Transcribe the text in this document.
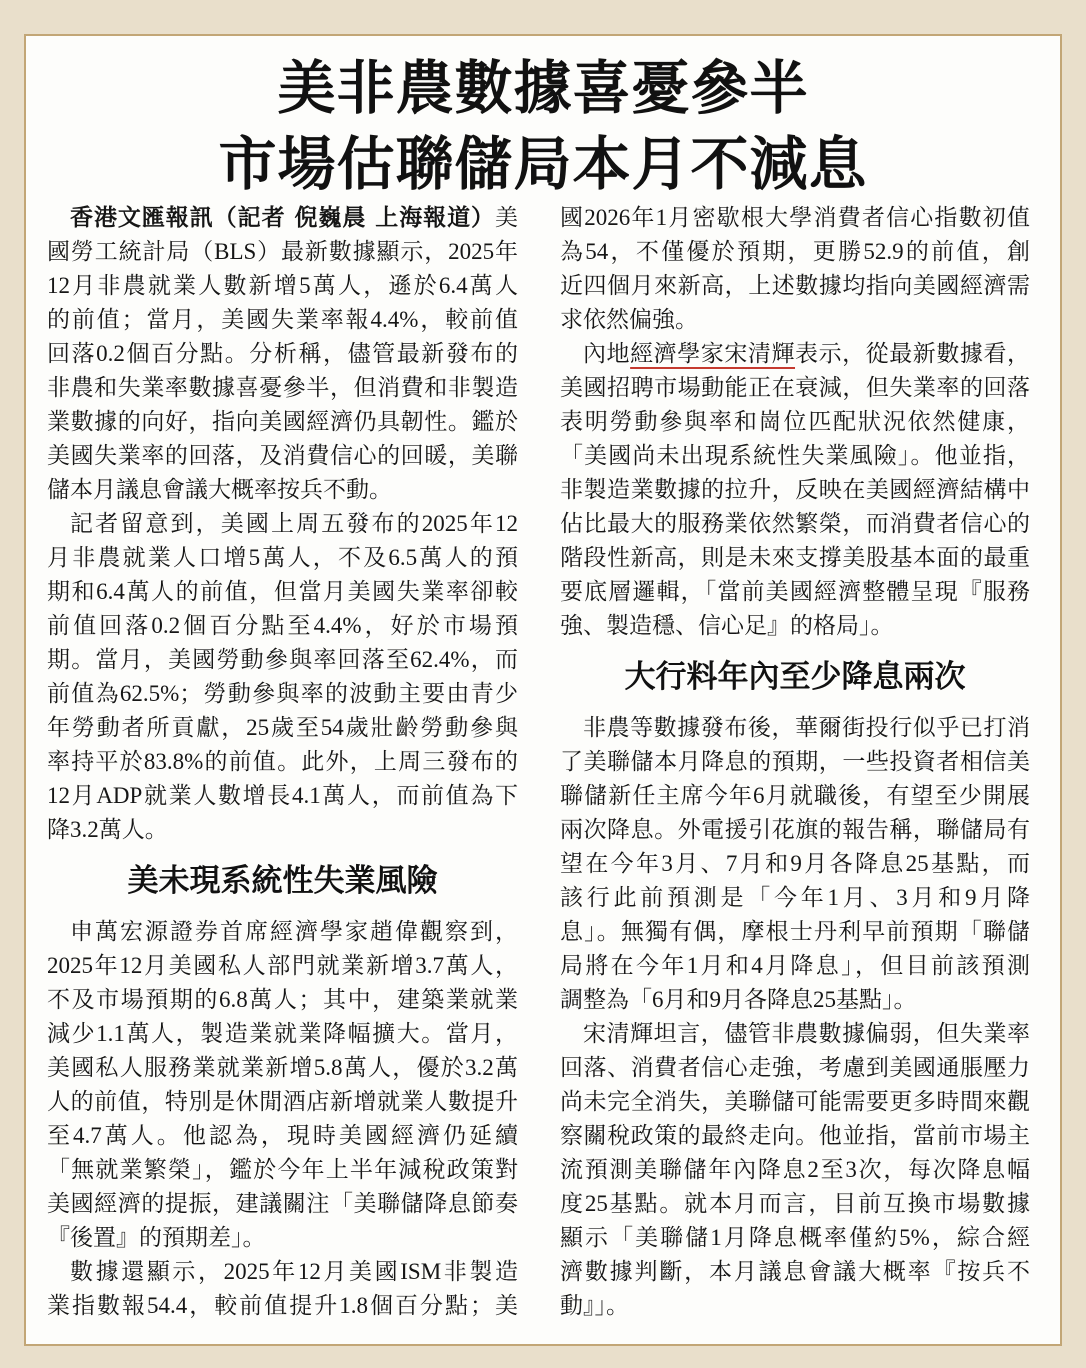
美非農數據喜憂參半
市場估聯儲局本月不減息
香港文匯報訊（記者 倪巍晨 上海報道）美
國勞工統計局（BLS）最新數據顯示，2025年
12月非農就業人數新增5萬人，遜於6.4萬人
的前值；當月，美國失業率報4.4%，較前值
回落0.2個百分點。分析稱，儘管最新發布的
非農和失業率數據喜憂參半，但消費和非製造
業數據的向好，指向美國經濟仍具韌性。鑑於
美國失業率的回落，及消費信心的回暖，美聯
儲本月議息會議大概率按兵不動。
記者留意到，美國上周五發布的2025年12
月非農就業人口增5萬人，不及6.5萬人的預
期和6.4萬人的前值，但當月美國失業率卻較
前值回落0.2個百分點至4.4%，好於市場預
期。當月，美國勞動參與率回落至62.4%，而
前值為62.5%；勞動參與率的波動主要由青少
年勞動者所貢獻，25歲至54歲壯齡勞動參與
率持平於83.8%的前值。此外，上周三發布的
12月ADP就業人數增長4.1萬人，而前值為下
降3.2萬人。
美未現系統性失業風險
申萬宏源證券首席經濟學家趙偉觀察到，
2025年12月美國私人部門就業新增3.7萬人，
不及市場預期的6.8萬人；其中，建築業就業
減少1.1萬人，製造業就業降幅擴大。當月，
美國私人服務業就業新增5.8萬人，優於3.2萬
人的前值，特別是休閒酒店新增就業人數提升
至4.7萬人。他認為，現時美國經濟仍延續
「無就業繁榮」，鑑於今年上半年減稅政策對
美國經濟的提振，建議關注「美聯儲降息節奏
『後置』的預期差」。
數據還顯示，2025年12月美國ISM非製造
業指數報54.4，較前值提升1.8個百分點；美
國2026年1月密歇根大學消費者信心指數初值
為54，不僅優於預期，更勝52.9的前值，創
近四個月來新高，上述數據均指向美國經濟需
求依然偏強。
內地經濟學家宋清輝表示，從最新數據看，
美國招聘市場動能正在衰減，但失業率的回落
表明勞動參與率和崗位匹配狀況依然健康，
「美國尚未出現系統性失業風險」。他並指，
非製造業數據的拉升，反映在美國經濟結構中
佔比最大的服務業依然繁榮，而消費者信心的
階段性新高，則是未來支撐美股基本面的最重
要底層邏輯，「當前美國經濟整體呈現『服務
強、製造穩、信心足』的格局」。
大行料年內至少降息兩次
非農等數據發布後，華爾街投行似乎已打消
了美聯儲本月降息的預期，一些投資者相信美
聯儲新任主席今年6月就職後，有望至少開展
兩次降息。外電援引花旗的報告稱，聯儲局有
望在今年3月、7月和9月各降息25基點，而
該行此前預測是「今年1月、3月和9月降
息」。無獨有偶，摩根士丹利早前預期「聯儲
局將在今年1月和4月降息」，但目前該預測
調整為「6月和9月各降息25基點」。
宋清輝坦言，儘管非農數據偏弱，但失業率
回落、消費者信心走強，考慮到美國通脹壓力
尚未完全消失，美聯儲可能需要更多時間來觀
察關稅政策的最終走向。他並指，當前市場主
流預測美聯儲年內降息2至3次，每次降息幅
度25基點。就本月而言，目前互換市場數據
顯示「美聯儲1月降息概率僅約5%，綜合經
濟數據判斷，本月議息會議大概率『按兵不
動』」。
